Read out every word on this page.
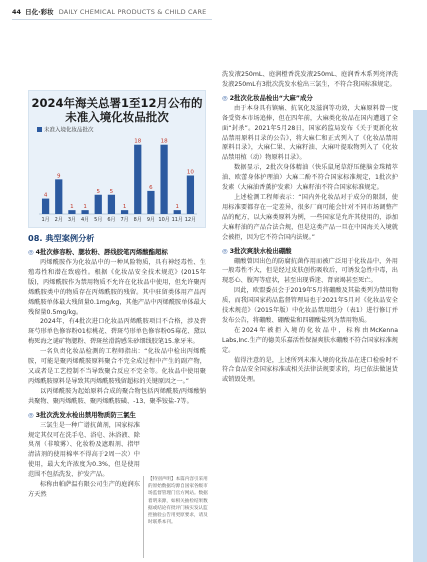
44 日化·彩妆 DAILY CHEMICAL PRODUCTS & CHILD CARE
2024年海关总署1至12月公布的
未准入境化妆品批次
未准入境化妆品批次
4
1月
9
2月
1
3月
1
4月
5
5月
5
6月
1
7月
18
8月
6
9月
18
10月
1
11月
10
12月

08. 典型案例分析

◎ 4批次修容粉、腮妆粉、唇线胶笔丙烯酸酯超标

丙烯酰胺作为化妆品中的一种风险物质，具有神经毒性、生殖毒性和潜在致癌性。根据《化妆品安全技术规范》(2015年版)，丙烯酰胺作为禁用物质不允许在化妆品中使用，但允许聚丙烯酰胺类中的物质存在丙烯酰胺的残留。其中驻留类体用产品丙烯酰胺单体最大残留量0.1mg/kg，其他产品中丙烯酰胺单体最大残留量0.5mg/kg。

2024年，有4批次进口化妆品丙烯酰胺项目不合格，涉及碧斑芍形单色修容粉01棕桃花、碧斑芍形单色修容粉05莓花、黛以梅死海之谜矿物腮粉、碧斑丝滑韵感朱砂细线胶笔15.象牙米。

一名负责化妆品检测的工程师指出：“化妆品中检出丙烯酰胺，可能是聚丙烯酰胺原料聚合不完全成过程中产生的副产物，又或者是工艺控制不当导致聚合反应不完全等。化妆品中使用聚丙烯酰胺原料是导致其丙烯酰胺残留超标的关键原因之一。”

以丙烯酰胺为起始原料合成的聚合物包括丙烯酰胺/丙烯酸钠共聚物、聚丙烯酰胺、聚丙烯酰胺磺、-13、聚季铵盐-7等。

◎ 3批次洗发水检出禁用物质防三氯生

三氯生是一种广谱抗菌剂，国家标准规定其仅可在洗手皂、浴皂、沐浴液、除臭剂（非喷雾）、化妆粉及遮瑕剂、指甲清洁剂的使用棉率不得高于2周一次）中使用，最大允许浓度为0.3%，但是使用范围不包括洗发、护发产品。

标称由帕萨温有限公司生产的庭润东方天然

【特别声明】本篇内容引采用的原始数据均源自国家各级市场监督管理门官方网站。数据着明来源，如相关抽检结果数据或结论有批评门核实发认监控抽验公告用更原要求，请及时联系本刊。

洗发液250mL、庭润橙香洗发液250mL、庭润香木系列亮泽洗发液250mL有3批次洗发水检出三氯生，不符合我国标准规定。

◎ 2批次化妆品检出“大麻”成分

由于本身具有镇痛、抗氧化及滋润等功效，大麻原料曾一度备受资本市场追捧，但在四年前，大麻类化妆品在国内遭遇了全面“封杀”。2021年5月28日，国家药监局发布《关于更新化妆品禁用原料目录的公告》，将大麻仁和正式列入了《化妆品禁用原料目录》，大麻仁果、大麻籽油、大麻叶提取物列入了《化妆品禁用植（动）物原料目录》。

数据显示，2批次身体精油（快乐鼠尾草舒压健脑金珠精萃油、欧蕾身体护理油）大麻二酚不符合国家标准规定，1批次护发素（大麻油香薰护发素）大麻籽油不符合国家标准规定。

上述检测工程师表示：“国内外化妆品对于成分的限制，使用标准要都存在一定差异，很多厂商可能会针对不同市场调整产品的配方，以大麻类原料为例，一些国家是允许其使用的，添加大麻籽油的产品合法合规，但是这类产品一旦在中国海关入境就会被拒，因为它不符合国内法规。”

◎ 3批次爽肤水检出硼酸

硼酸曾因出色的防腐抗菌作用而被广泛用于化妆品中，外用一般毒性不大，但是经过皮肤创伤吸收后，可诱发急性中毒，出现恶心、腹泻等症状，甚至出现昏迷、肾衰竭甚至死亡。

因此，欧盟委员会于2019年5月将硼酸及其盐类列为禁用物质，而我国国家药品监督管理局也于2021年5月对《化妆品安全技术规范》（2015年版）中化妆品禁用组分（表1）进行修订并发布公告，将硼酸、硼酸盐和四硼酸盐列为禁用物质。

在2024年被拒入境的化妆品中，标称由McKenna Labs,Inc.生产的德美乐嘉活性保湿爽肤水硼酸不符合国家标准规定。

值得注意的是，上述所列未准入境的化妆品在进口检验时不符合食品安全国家标准或相关法律法规要求的，均已依法做退货或销毁处理。
